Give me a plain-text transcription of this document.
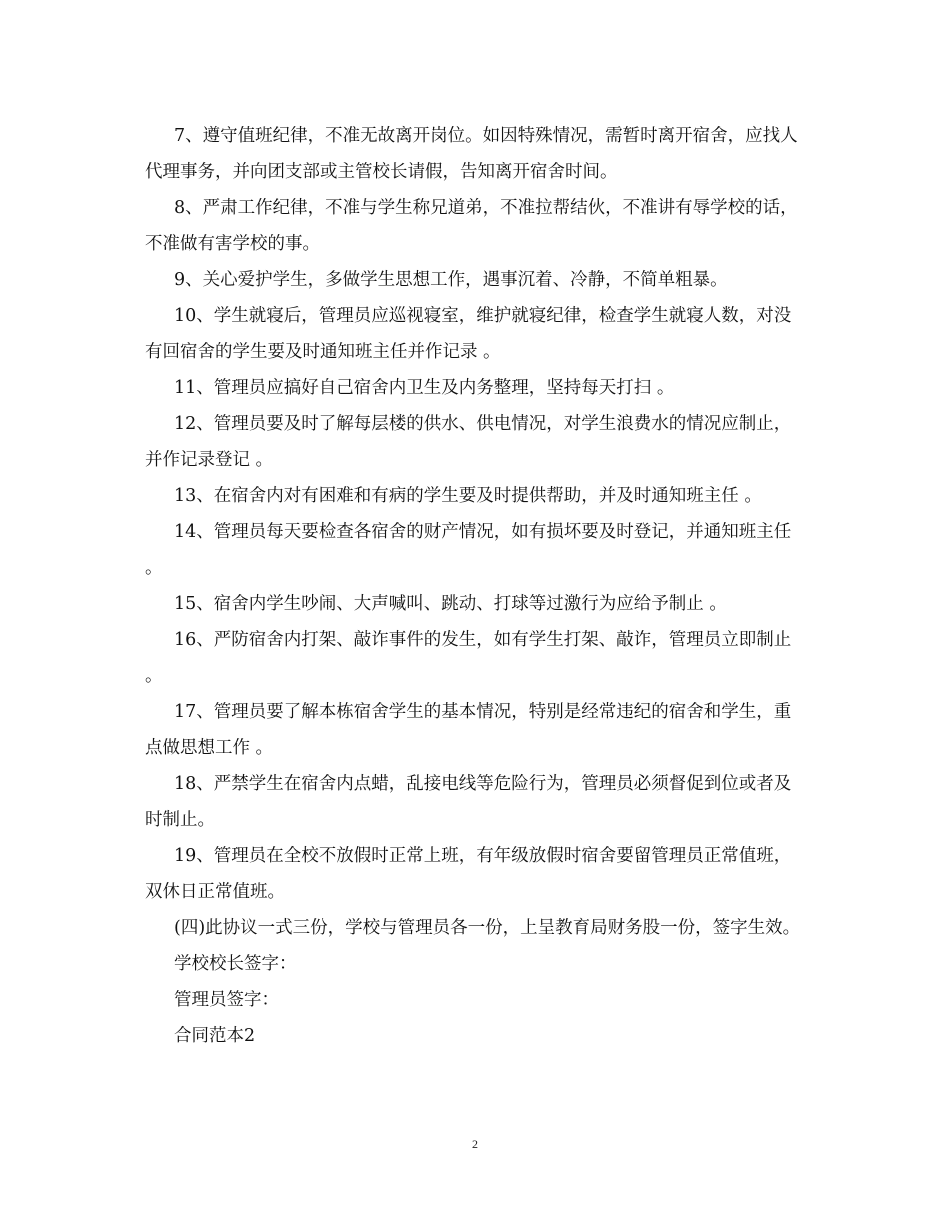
7、遵守值班纪律，不准无故离开岗位。如因特殊情况，需暂时离开宿舍，应找人代理事务，并向团支部或主管校长请假，告知离开宿舍时间。

8、严肃工作纪律，不准与学生称兄道弟，不准拉帮结伙，不准讲有辱学校的话，不准做有害学校的事。

9、关心爱护学生，多做学生思想工作，遇事沉着、冷静，不简单粗暴。

10、学生就寝后，管理员应巡视寝室，维护就寝纪律，检查学生就寝人数，对没有回宿舍的学生要及时通知班主任并作记录 。

11、管理员应搞好自己宿舍内卫生及内务整理，坚持每天打扫 。

12、管理员要及时了解每层楼的供水、供电情况，对学生浪费水的情况应制止，并作记录登记 。

13、在宿舍内对有困难和有病的学生要及时提供帮助，并及时通知班主任 。

14、管理员每天要检查各宿舍的财产情况，如有损坏要及时登记，并通知班主任 。

15、宿舍内学生吵闹、大声喊叫、跳动、打球等过激行为应给予制止 。

16、严防宿舍内打架、敲诈事件的发生，如有学生打架、敲诈，管理员立即制止 。

17、管理员要了解本栋宿舍学生的基本情况，特别是经常违纪的宿舍和学生，重点做思想工作 。

18、严禁学生在宿舍内点蜡，乱接电线等危险行为，管理员必须督促到位或者及时制止。

19、管理员在全校不放假时正常上班，有年级放假时宿舍要留管理员正常值班，双休日正常值班。

(四)此协议一式三份，学校与管理员各一份，上呈教育局财务股一份，签字生效。

学校校长签字：

管理员签字：

合同范本2

2
